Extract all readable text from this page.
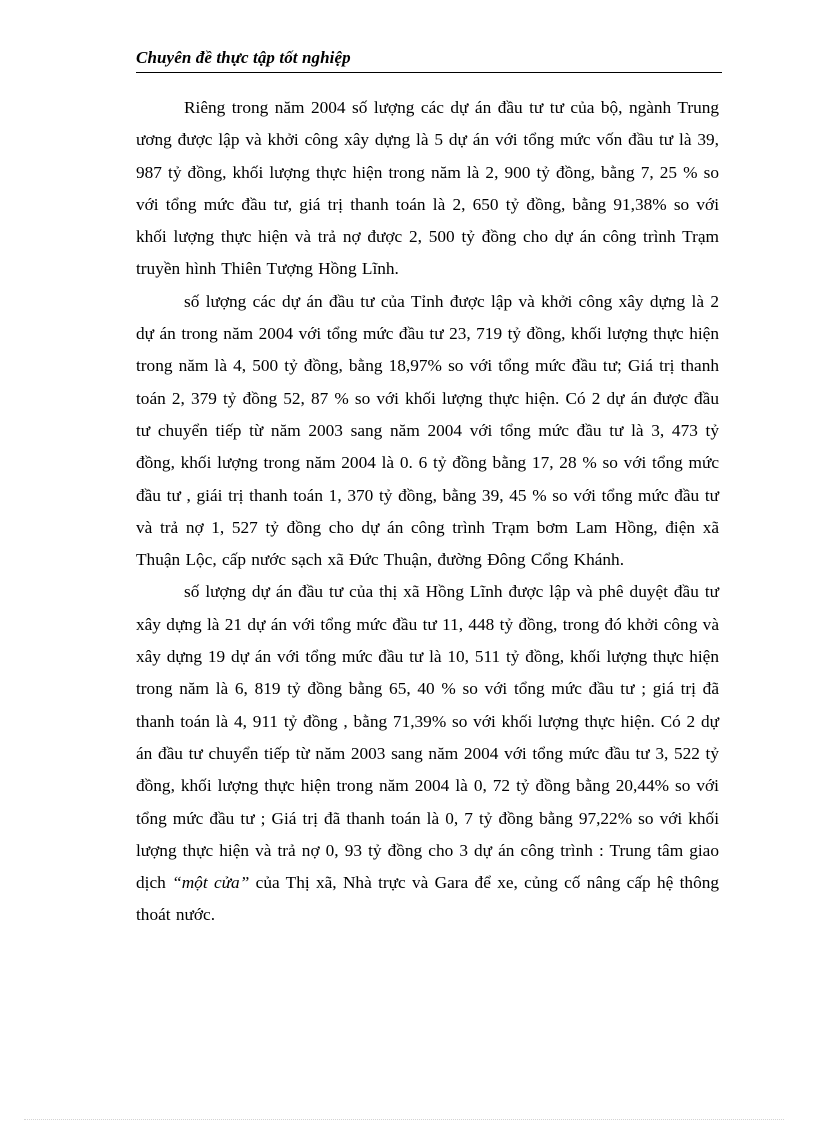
Chuyên đề thực tập tốt nghiệp

Riêng trong năm 2004 số lượng các dự án đầu tư tư của bộ, ngành Trung ương được lập và khởi công xây dựng là 5 dự án với tổng mức vốn đầu tư là 39, 987 tỷ đồng, khối lượng thực hiện trong năm là 2, 900 tỷ đồng, bằng 7, 25 % so với tổng mức đầu tư, giá trị thanh toán là 2, 650 tỷ đồng, bằng 91,38% so với khối lượng thực hiện và trả nợ được 2, 500 tỷ đồng cho dự án công trình Trạm truyền hình Thiên Tượng Hồng Lĩnh.

số lượng các dự án đầu tư của Tỉnh được lập và khởi công xây dựng là 2 dự án trong năm 2004 với tổng mức đầu tư 23, 719 tỷ đồng, khối lượng thực hiện trong năm là 4, 500 tỷ đồng, bằng 18,97% so với tổng mức đầu tư; Giá trị thanh toán 2, 379 tỷ đồng 52, 87 % so với khối lượng thực hiện. Có 2 dự án được đầu tư chuyển tiếp từ năm 2003 sang năm 2004 với tổng mức đầu tư là 3, 473 tỷ đồng, khối lượng trong năm 2004 là 0. 6 tỷ đồng bằng 17, 28 % so với tổng mức đầu tư , giái trị thanh toán 1, 370 tỷ đồng, bằng 39, 45 % so với tổng mức đầu tư và trả nợ 1, 527 tỷ đồng cho dự án công trình Trạm bơm Lam Hồng, điện xã Thuận Lộc, cấp nước sạch xã Đức Thuận, đường Đông Cổng Khánh.

số lượng dự án đầu tư của thị xã Hồng Lĩnh được lập và phê duyệt đầu tư xây dựng là 21 dự án với tổng mức đầu tư 11, 448 tỷ đồng, trong đó khởi công và xây dựng 19 dự án với tổng mức đầu tư là 10, 511 tỷ đồng, khối lượng thực hiện trong năm là 6, 819 tỷ đồng bằng 65, 40 % so với tổng mức đầu tư ; giá trị đã thanh toán là 4, 911 tỷ đồng , bằng 71,39% so với khối lượng thực hiện. Có 2 dự án đầu tư chuyển tiếp từ năm 2003 sang năm 2004 với tổng mức đầu tư 3, 522 tỷ đồng, khối lượng thực hiện trong năm 2004 là 0, 72 tỷ đồng bằng 20,44% so với tổng mức đầu tư ; Giá trị đã thanh toán là 0, 7 tỷ đồng bằng 97,22% so với khối lượng thực hiện và trả nợ 0, 93 tỷ đồng cho 3 dự án công trình : Trung tâm giao dịch “một cửa” của Thị xã, Nhà trực và Gara để xe, củng cố nâng cấp hệ thông thoát nước.
